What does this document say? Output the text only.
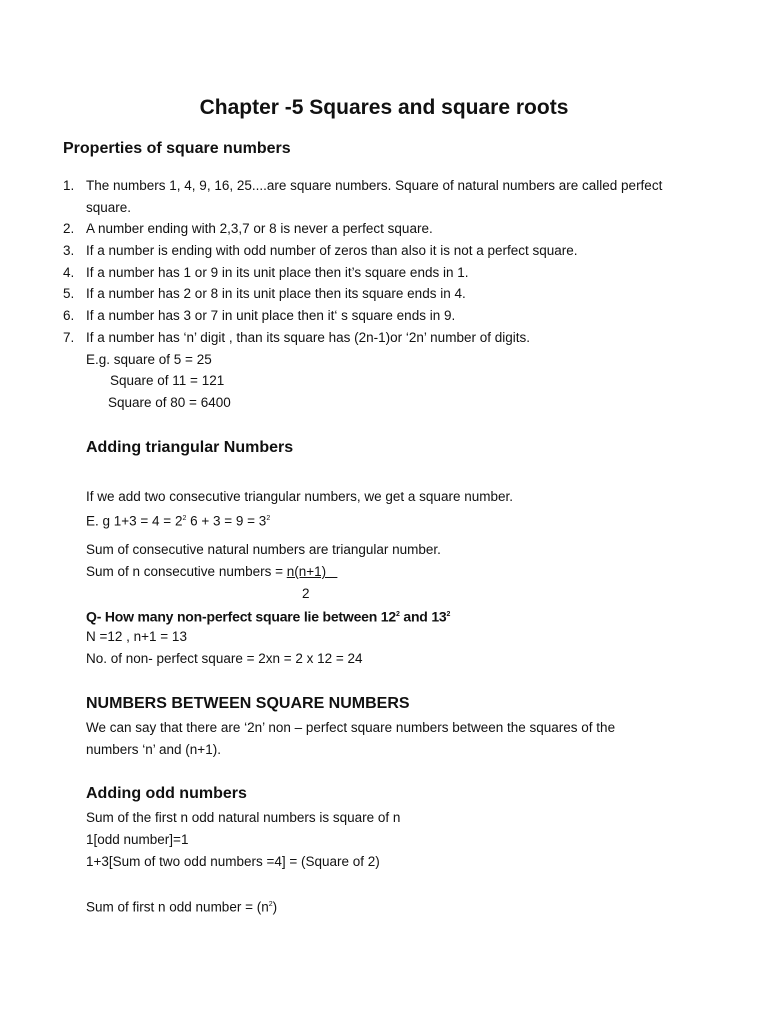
Chapter -5 Squares and square roots
Properties of square numbers
1. The numbers 1, 4, 9, 16, 25....are square numbers. Square of natural numbers are called perfect
square.
2. A number ending with 2,3,7 or 8 is never a perfect square.
3. If a number is ending with odd number of zeros than also it is not a perfect square.
4. If a number has 1 or 9 in its unit place then it’s square ends in 1.
5. If a number has 2 or 8 in its unit place then its square ends in 4.
6. If a number has 3 or 7 in unit place then it‘ s square ends in 9.
7. If a number has ‘n’ digit , than its square has (2n-1)or ‘2n’ number of digits.
E.g. square of 5 = 25
Square of 11 = 121
Square of 80 = 6400
Adding triangular Numbers
If we add two consecutive triangular numbers, we get a square number.
E. g $1+3 = 4 = 2^2$ $6 + 3 = 9 = 3^2$
Sum of consecutive natural numbers are triangular number.
Sum of n consecutive numbers = n(n+1)
2
Q- How many non-perfect square lie between $12^2$ and $13^2$
N =12 , n+1 = 13
No. of non- perfect square = 2xn = 2 x 12 = 24
NUMBERS BETWEEN SQUARE NUMBERS
We can say that there are ‘2n’ non – perfect square numbers between the squares of the
numbers ‘n’ and (n+1).
Adding odd numbers
Sum of the first n odd natural numbers is square of n
1[odd number]=1
1+3[Sum of two odd numbers =4] = (Square of 2)
Sum of first n odd number = $(n^2)$
